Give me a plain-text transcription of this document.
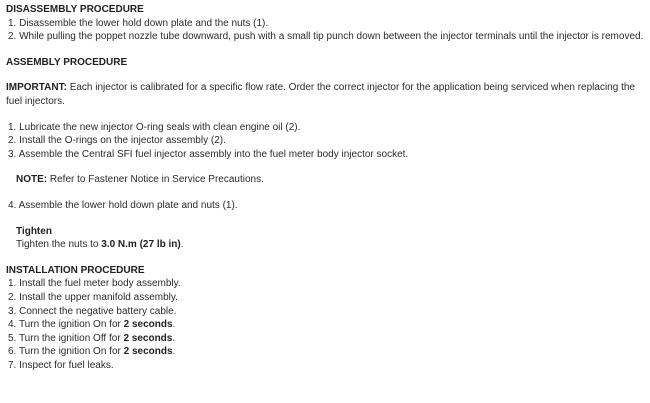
DISASSEMBLY PROCEDURE
1. Disassemble the lower hold down plate and the nuts (1).
2. While pulling the poppet nozzle tube downward, push with a small tip punch down between the injector terminals until the injector is removed.
ASSEMBLY PROCEDURE
IMPORTANT: Each injector is calibrated for a specific flow rate. Order the correct injector for the application being serviced when replacing the fuel injectors.
1. Lubricate the new injector O-ring seals with clean engine oil (2).
2. Install the O-rings on the injector assembly (2).
3. Assemble the Central SFI fuel injector assembly into the fuel meter body injector socket.
NOTE: Refer to Fastener Notice in Service Precautions.
4. Assemble the lower hold down plate and nuts (1).
Tighten
Tighten the nuts to 3.0 N.m (27 lb in).
INSTALLATION PROCEDURE
1. Install the fuel meter body assembly.
2. Install the upper manifold assembly.
3. Connect the negative battery cable.
4. Turn the ignition On for 2 seconds.
5. Turn the ignition Off for 2 seconds.
6. Turn the ignition On for 2 seconds.
7. Inspect for fuel leaks.
